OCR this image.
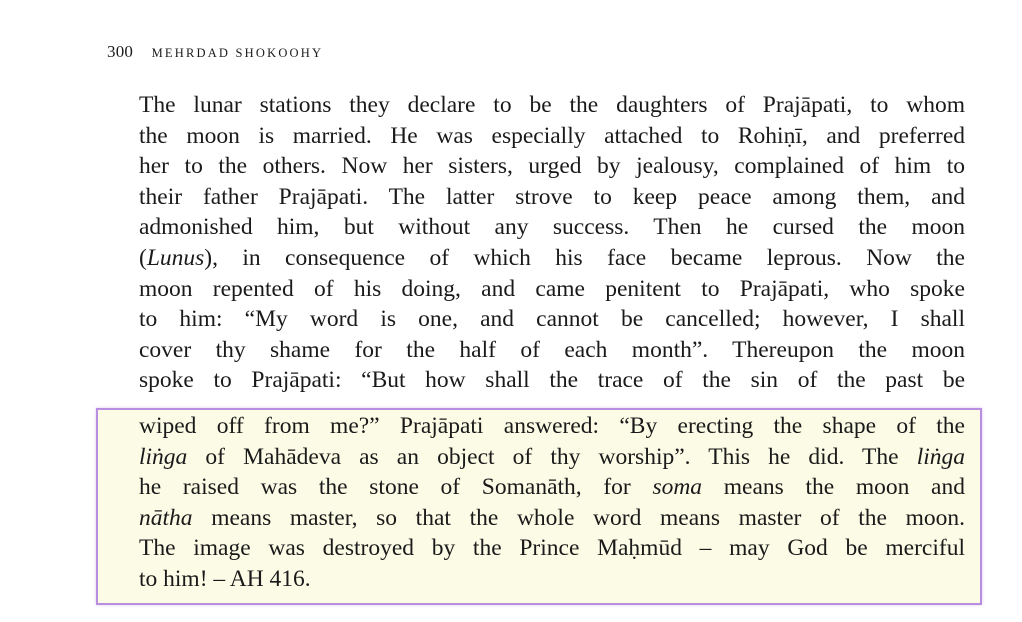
300 MEHRDAD SHOKOOHY
The lunar stations they declare to be the daughters of Prajāpati, to whom
the moon is married. He was especially attached to Rohiṇī, and preferred
her to the others. Now her sisters, urged by jealousy, complained of him to
their father Prajāpati. The latter strove to keep peace among them, and
admonished him, but without any success. Then he cursed the moon
(Lunus), in consequence of which his face became leprous. Now the
moon repented of his doing, and came penitent to Prajāpati, who spoke
to him: “My word is one, and cannot be cancelled; however, I shall
cover thy shame for the half of each month”. Thereupon the moon
spoke to Prajāpati: “But how shall the trace of the sin of the past be
wiped off from me?” Prajāpati answered: “By erecting the shape of the
liṅga of Mahādeva as an object of thy worship”. This he did. The liṅga
he raised was the stone of Somanāth, for soma means the moon and
nātha means master, so that the whole word means master of the moon.
The image was destroyed by the Prince Maḥmūd – may God be merciful
to him! – AH 416.
